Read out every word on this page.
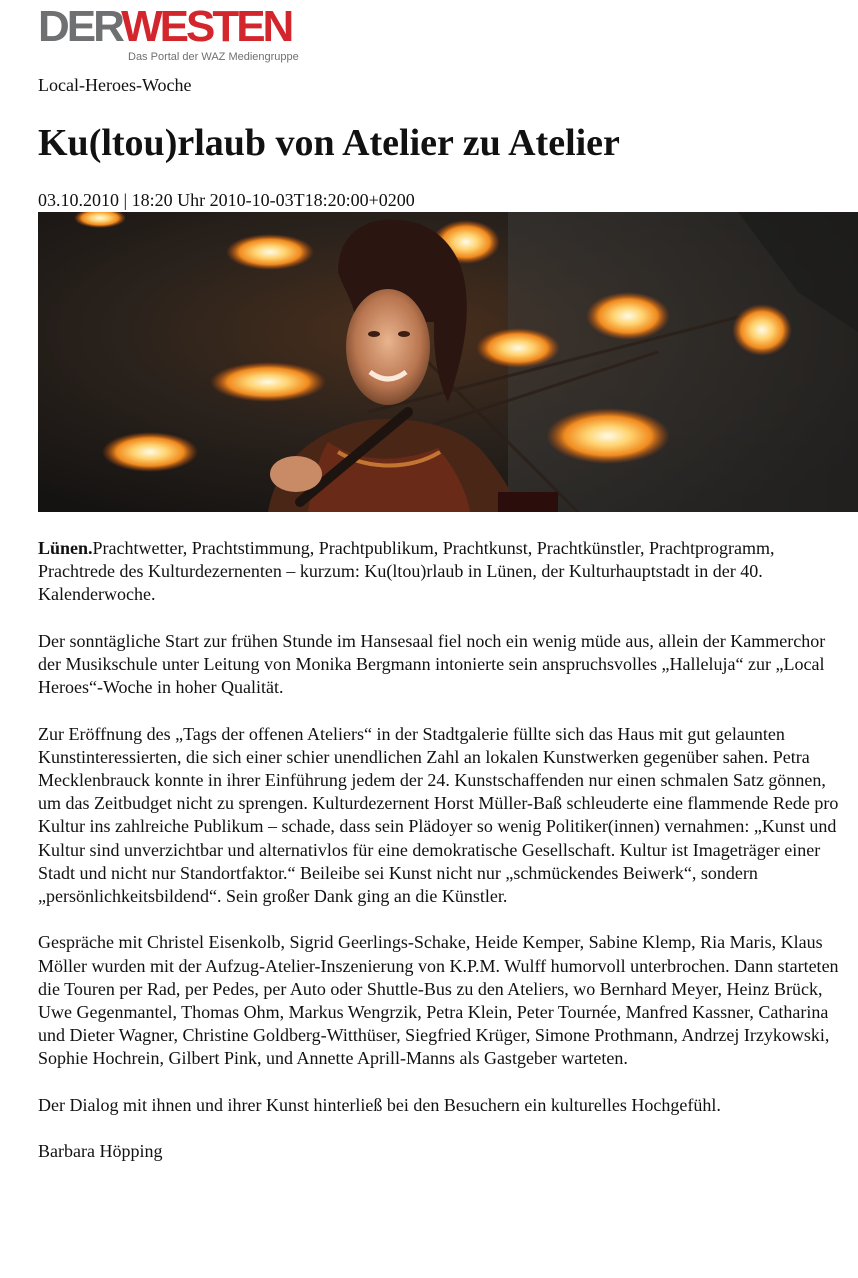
DERWESTEN
Das Portal der WAZ Mediengruppe

Local-Heroes-Woche

Ku(ltou)rlaub von Atelier zu Atelier

03.10.2010 | 18:20 Uhr 2010-10-03T18:20:00+0200

Lünen.Prachtwetter, Prachtstimmung, Prachtpublikum, Prachtkunst, Prachtkünstler, Prachtprogramm, Prachtrede des Kulturdezernenten – kurzum: Ku(ltou)rlaub in Lünen, der Kulturhauptstadt in der 40. Kalenderwoche.

Der sonntägliche Start zur frühen Stunde im Hansesaal fiel noch ein wenig müde aus, allein der Kammerchor der Musikschule unter Leitung von Monika Bergmann intonierte sein anspruchsvolles „Halleluja“ zur „Local Heroes“-Woche in hoher Qualität.

Zur Eröffnung des „Tags der offenen Ateliers“ in der Stadtgalerie füllte sich das Haus mit gut gelaunten Kunstinteressierten, die sich einer schier unendlichen Zahl an lokalen Kunstwerken gegenüber sahen. Petra Mecklenbrauck konnte in ihrer Einführung jedem der 24. Kunstschaffenden nur einen schmalen Satz gönnen, um das Zeitbudget nicht zu sprengen. Kulturdezernent Horst Müller-Baß schleuderte eine flammende Rede pro Kultur ins zahlreiche Publikum – schade, dass sein Plädoyer so wenig Politiker(innen) vernahmen: „Kunst und Kultur sind unverzichtbar und alternativlos für eine demokratische Gesellschaft. Kultur ist Imageträger einer Stadt und nicht nur Standortfaktor.“ Beileibe sei Kunst nicht nur „schmückendes Beiwerk“, sondern „persönlichkeitsbildend“. Sein großer Dank ging an die Künstler.

Gespräche mit Christel Eisenkolb, Sigrid Geerlings-Schake, Heide Kemper, Sabine Klemp, Ria Maris, Klaus Möller wurden mit der Aufzug-Atelier-Inszenierung von K.P.M. Wulff humorvoll unterbrochen. Dann starteten die Touren per Rad, per Pedes, per Auto oder Shuttle-Bus zu den Ateliers, wo Bernhard Meyer, Heinz Brück, Uwe Gegenmantel, Thomas Ohm, Markus Wengrzik, Petra Klein, Peter Tournée, Manfred Kassner, Catharina und Dieter Wagner, Christine Goldberg-Witthüser, Siegfried Krüger, Simone Prothmann, Andrzej Irzykowski, Sophie Hochrein, Gilbert Pink, und Annette Aprill-Manns als Gastgeber warteten.

Der Dialog mit ihnen und ihrer Kunst hinterließ bei den Besuchern ein kulturelles Hochgefühl.

Barbara Höpping
